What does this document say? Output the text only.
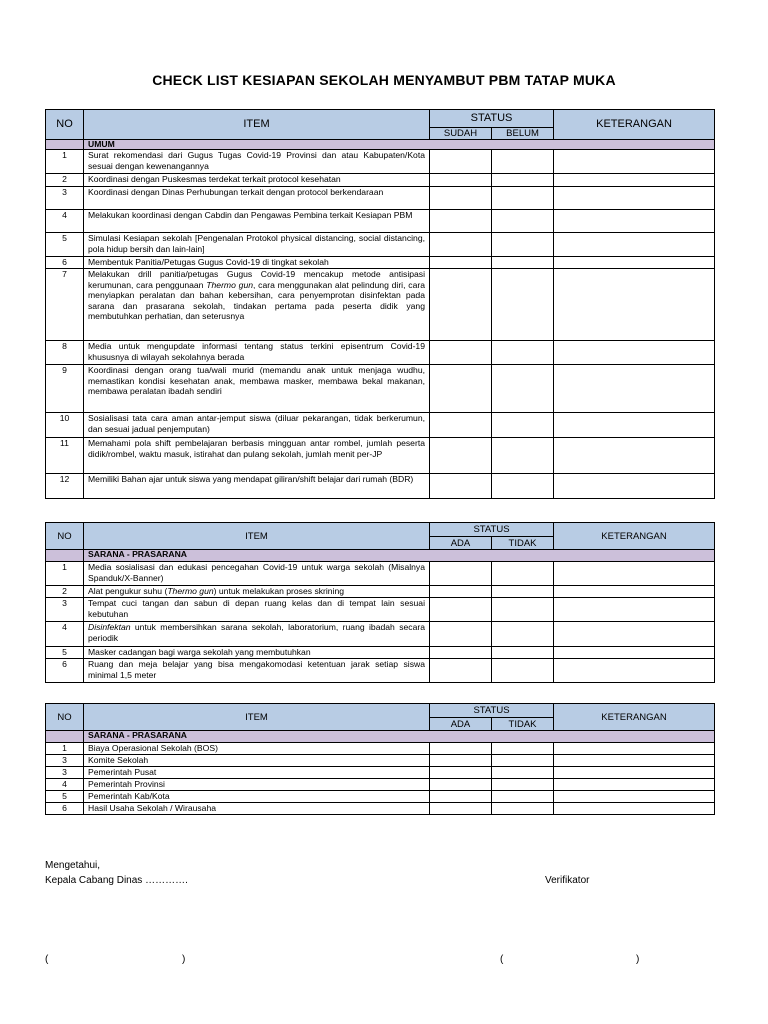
CHECK LIST KESIAPAN SEKOLAH MENYAMBUT PBM TATAP MUKA
NO	ITEM	STATUS		KETERANGAN
		SUDAH	BELUM	
	UMUM			
1	Surat rekomendasi dari Gugus Tugas Covid-19 Provinsi dan atau Kabupaten/Kota sesuai dengan kewenangannya			
2	Koordinasi dengan Puskesmas terdekat terkait protocol kesehatan			
3	Koordinasi dengan Dinas Perhubungan terkait dengan protocol berkendaraan			
4	Melakukan koordinasi dengan Cabdin dan Pengawas Pembina terkait Kesiapan PBM			
5	Simulasi Kesiapan sekolah [Pengenalan Protokol physical distancing, social distancing, pola hidup bersih dan lain-lain]			
6	Membentuk Panitia/Petugas Gugus Covid-19 di tingkat sekolah			
7	Melakukan drill panitia/petugas Gugus Covid-19 mencakup metode antisipasi kerumunan, cara penggunaan Thermo gun, cara menggunakan alat pelindung diri, cara menyiapkan peralatan dan bahan kebersihan, cara penyemprotan disinfektan pada sarana dan prasarana sekolah, tindakan pertama pada peserta didik yang membutuhkan perhatian, dan seterusnya			
8	Media untuk mengupdate informasi tentang status terkini episentrum Covid-19 khususnya di wilayah sekolahnya berada			
9	Koordinasi dengan orang tua/wali murid (memandu anak untuk menjaga wudhu, memastikan kondisi kesehatan anak, membawa masker, membawa bekal makanan, membawa peralatan ibadah sendiri			
10	Sosialisasi tata cara aman antar-jemput siswa (diluar pekarangan, tidak berkerumun, dan sesuai jadual penjemputan)			
11	Memahami pola shift pembelajaran berbasis mingguan antar rombel, jumlah peserta didik/rombel, waktu masuk, istirahat dan pulang sekolah, jumlah menit per-JP			
12	Memiliki Bahan ajar untuk siswa yang mendapat giliran/shift belajar dari rumah (BDR)			
NO	ITEM	STATUS		KETERANGAN
		ADA	TIDAK	
	SARANA - PRASARANA			
1	Media sosialisasi dan edukasi pencegahan Covid-19 untuk warga sekolah (Misalnya Spanduk/X-Banner)			
2	Alat pengukur suhu (Thermo gun) untuk melakukan proses skrining			
3	Tempat cuci tangan dan sabun di depan ruang kelas dan di tempat lain sesuai kebutuhan			
4	Disinfektan untuk membersihkan sarana sekolah, laboratorium, ruang ibadah secara periodik			
5	Masker cadangan bagi warga sekolah yang membutuhkan			
6	Ruang dan meja belajar yang bisa mengakomodasi ketentuan jarak setiap siswa minimal 1,5 meter			
NO	ITEM	STATUS		KETERANGAN
		ADA	TIDAK	
	SARANA - PRASARANA			
1	Biaya Operasional Sekolah (BOS)			
3	Komite Sekolah			
3	Pemerintah Pusat			
4	Pemerintah Provinsi			
5	Pemerintah Kab/Kota			
6	Hasil Usaha Sekolah / Wirausaha			
Mengetahui,
Kepala Cabang Dinas ………….	Verifikator
(	)	(	)
